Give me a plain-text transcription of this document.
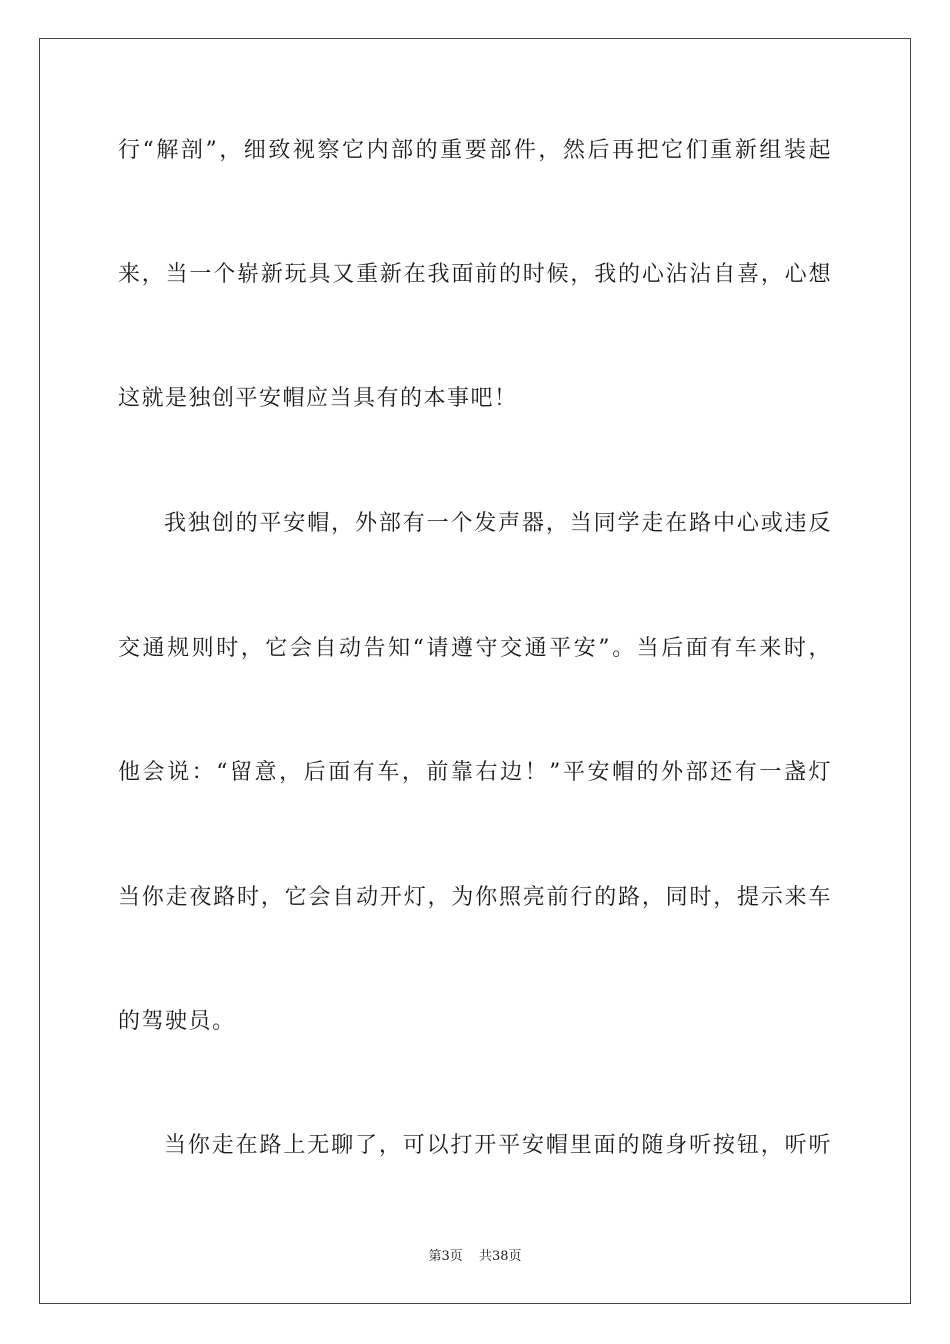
行“解剖”，细致视察它内部的重要部件，然后再把它们重新组装起
来，当一个崭新玩具又重新在我面前的时候，我的心沾沾自喜，心想
这就是独创平安帽应当具有的本事吧！
我独创的平安帽，外部有一个发声器，当同学走在路中心或违反
交通规则时，它会自动告知“请遵守交通平安”。当后面有车来时，
他会说：“留意，后面有车，前靠右边！”平安帽的外部还有一盏灯
当你走夜路时，它会自动开灯，为你照亮前行的路，同时，提示来车
的驾驶员。
当你走在路上无聊了，可以打开平安帽里面的随身听按钮，听听
第3页 共38页
